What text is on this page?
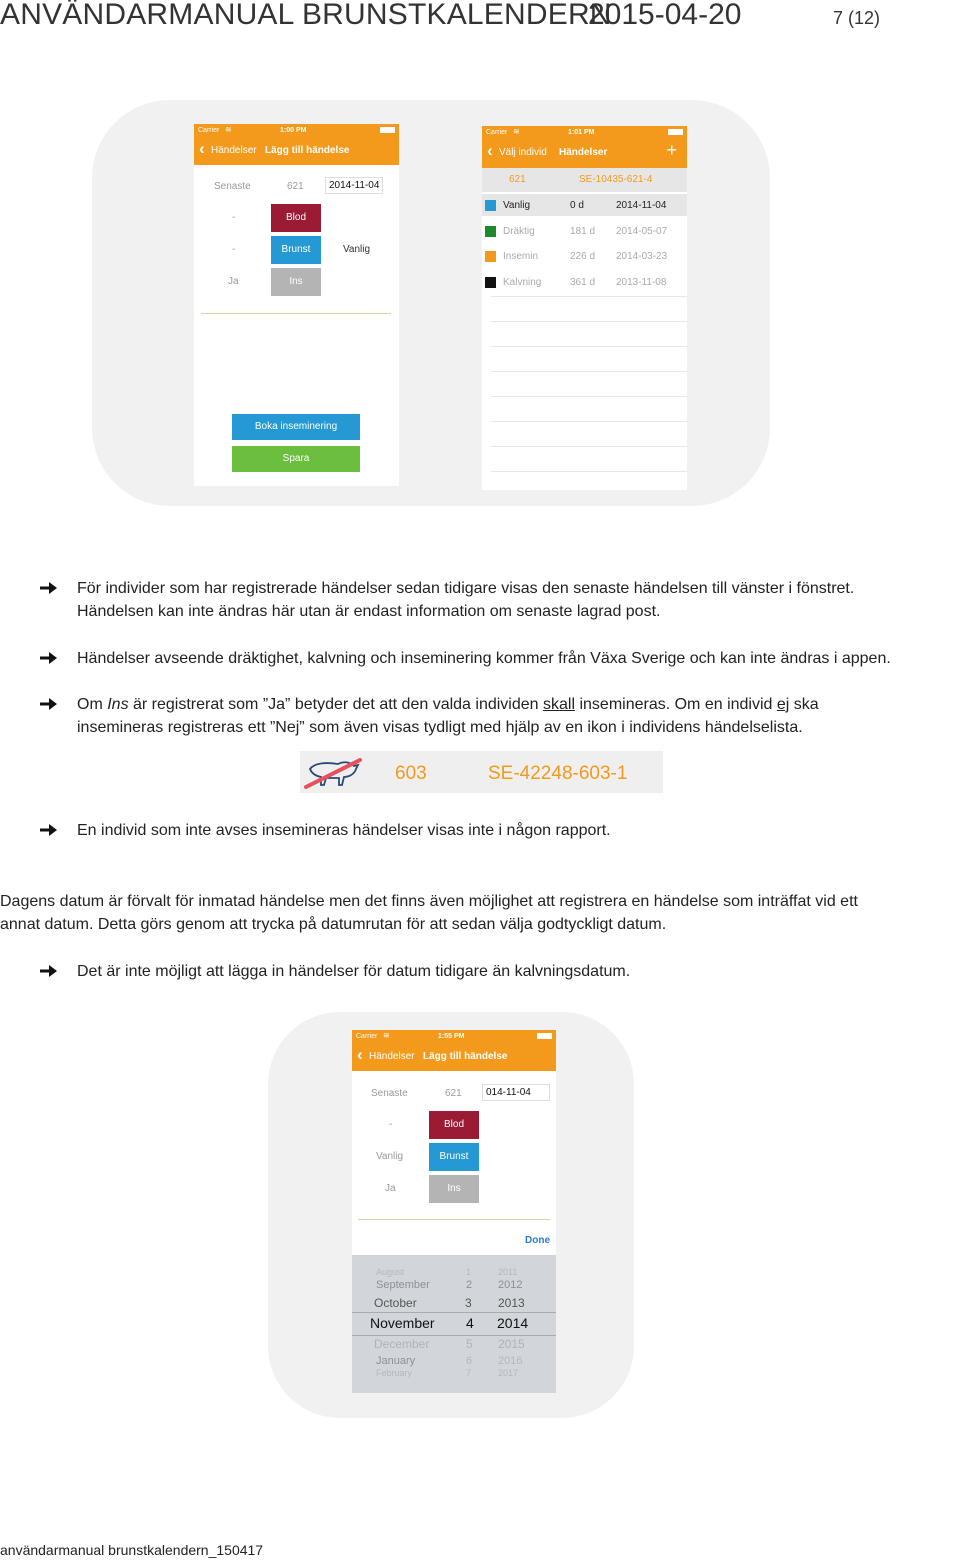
ANVÄNDARMANUAL BRUNSTKALENDERN
2015-04-20	7 (12)
Carrier ≋	1:00 PM
‹ Händelser Lägg till händelse
Senaste	621	2014-11-04
-	Blod
-	Brunst	Vanlig
Ja	Ins
Boka inseminering
Spara
Carrier ≋	1:01 PM
‹ Välj individ Händelser	+
621	SE-10435-621-4
Vanlig	0 d	2014-11-04
Dräktig	181 d 2014-05-07
Insemin	226 d 2014-03-23
Kalvning	361 d 2013-11-08
För individer som har registrerade händelser sedan tidigare visas den senaste händelsen till vänster i fönstret.
Händelsen kan inte ändras här utan är endast information om senaste lagrad post.
Händelser avseende dräktighet, kalvning och inseminering kommer från Växa Sverige och kan inte ändras i appen.
Om Ins är registrerat som ”Ja” betyder det att den valda individen skall insemineras. Om en individ ej ska
insemineras registreras ett ”Nej” som även visas tydligt med hjälp av en ikon i individens händelselista.
603	SE-42248-603-1
En individ som inte avses insemineras händelser visas inte i någon rapport.
Dagens datum är förvalt för inmatad händelse men det finns även möjlighet att registrera en händelse som inträffat vid ett
annat datum. Detta görs genom att trycka på datumrutan för att sedan välja godtyckligt datum.
Det är inte möjligt att lägga in händelser för datum tidigare än kalvningsdatum.
Carrier ≋	1:55 PM
‹ Händelser Lägg till händelse
Senaste	621	014-11-04
-	Blod
Vanlig	Brunst
Ja	Ins
Done
August	1	2011
September	2 2012
October	3 2013
November 4 2014
December	5 2015
January	6 2016
February	7	2017
användarmanual brunstkalendern_150417
